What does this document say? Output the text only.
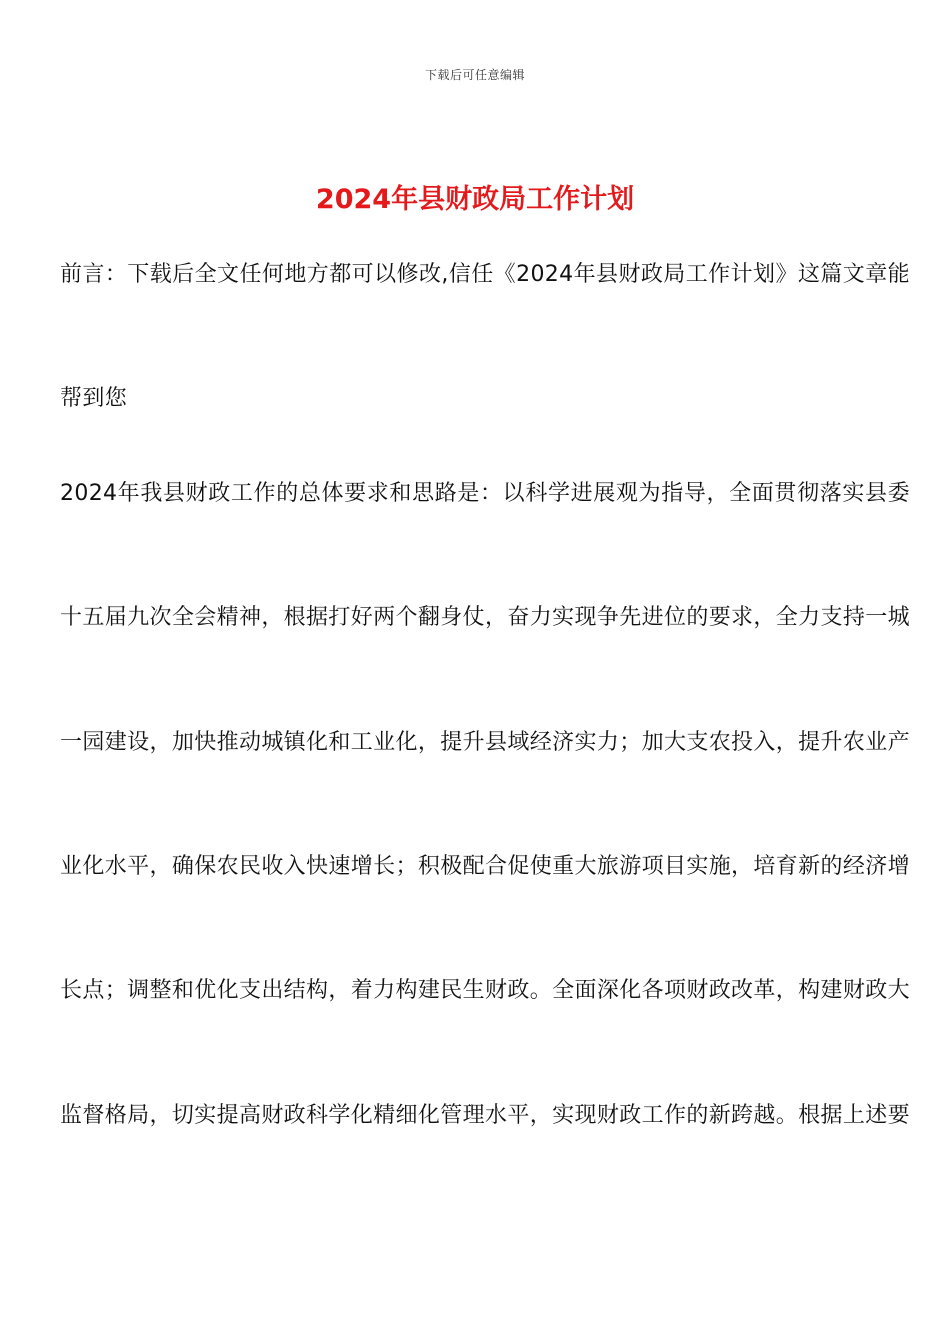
下载后可任意编辑
2024年县财政局工作计划
前言：下载后全文任何地方都可以修改,信任《2024年县财政局工作计划》这篇文章能
帮到您
2024年我县财政工作的总体要求和思路是：以科学进展观为指导，全面贯彻落实县委
十五届九次全会精神，根据打好两个翻身仗，奋力实现争先进位的要求，全力支持一城
一园建设，加快推动城镇化和工业化，提升县域经济实力；加大支农投入，提升农业产
业化水平，确保农民收入快速增长；积极配合促使重大旅游项目实施，培育新的经济增
长点；调整和优化支出结构，着力构建民生财政。全面深化各项财政改革，构建财政大
监督格局，切实提高财政科学化精细化管理水平，实现财政工作的新跨越。根据上述要
